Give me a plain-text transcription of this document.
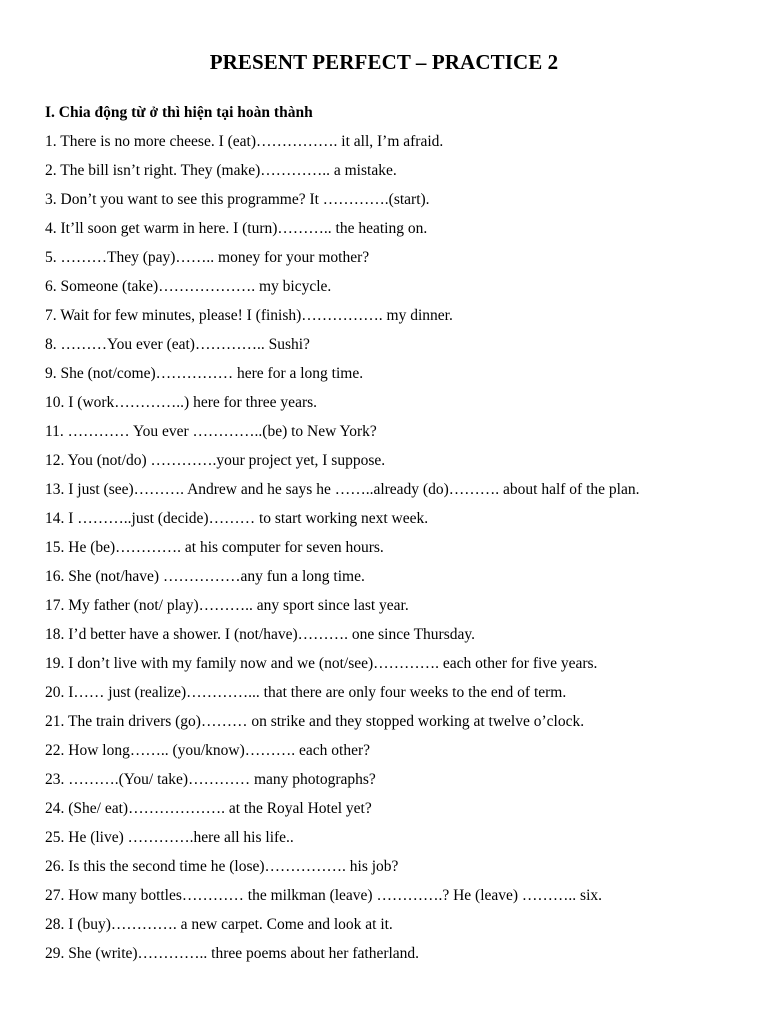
PRESENT PERFECT – PRACTICE 2
I. Chia động từ ở thì hiện tại hoàn thành
1. There is no more cheese. I (eat)……………. it all, I’m afraid.
2. The bill isn’t right. They (make)………….. a mistake.
3. Don’t you want to see this programme? It ………….(start).
4. It’ll soon get warm in here. I (turn)……….. the heating on.
5. ………They (pay)…….. money for your mother?
6. Someone (take)………………. my bicycle.
7. Wait for few minutes, please! I (finish)……………. my dinner.
8. ………You ever (eat)………….. Sushi?
9. She (not/come)…………… here for a long time.
10. I (work…………..) here for three years.
11. ………… You ever …………..(be) to New York?
12. You (not/do) ………….your project yet, I suppose.
13. I just (see)………. Andrew and he says he ……..already (do)………. about half of the plan.
14. I ………..just (decide)……… to start working next week.
15. He (be)…………. at his computer for seven hours.
16. She (not/have) ……………any fun a long time.
17. My father (not/ play)……….. any sport since last year.
18. I’d better have a shower. I (not/have)………. one since Thursday.
19. I don’t live with my family now and we (not/see)…………. each other for five years.
20. I…… just (realize)…………... that there are only four weeks to the end of term.
21. The train drivers (go)……… on strike and they stopped working at twelve o’clock.
22. How long…….. (you/know)………. each other?
23. ……….(You/ take)………… many photographs?
24. (She/ eat)………………. at the Royal Hotel yet?
25. He (live) ………….here all his life..
26. Is this the second time he (lose)……………. his job?
27. How many bottles………… the milkman (leave) ………….? He (leave) ……….. six.
28. I (buy)…………. a new carpet. Come and look at it.
29. She (write)………….. three poems about her fatherland.
